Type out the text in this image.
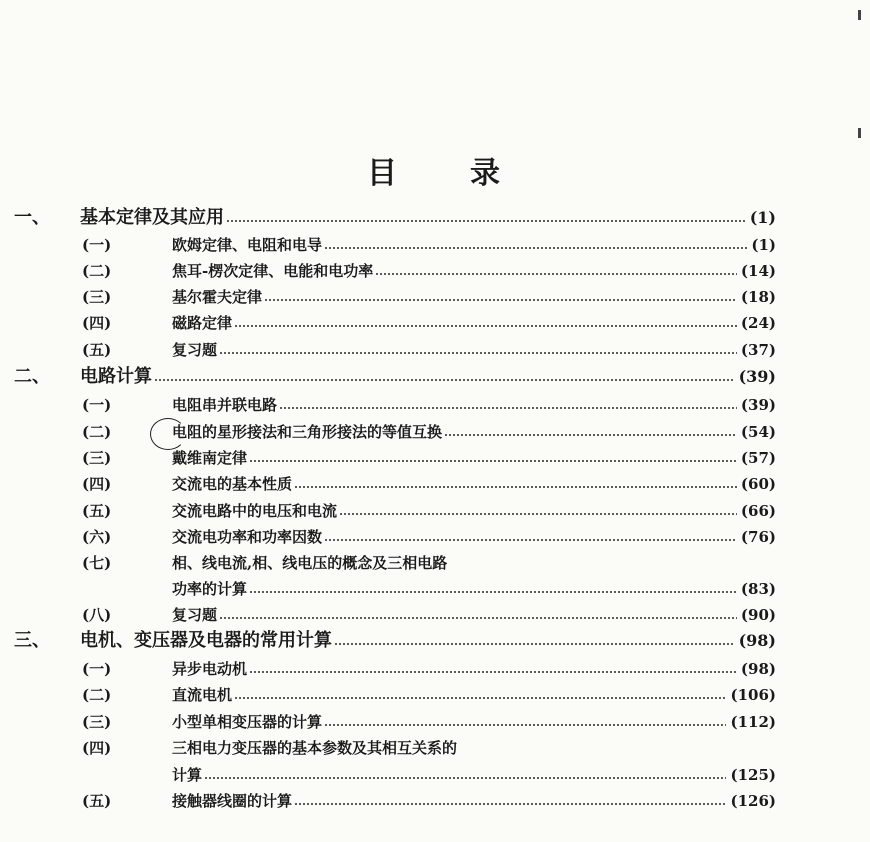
目 录
一、 基本定律及其应用	(1)
(一)	欧姆定律、电阻和电导	(1)
(二)	焦耳-楞次定律、电能和电功率	(14)
(三)	基尔霍夫定律	(18)
(四)	磁路定律	(24)
(五)	复习题	(37)
二、 电路计算	(39)
(一)	电阻串并联电路	(39)
(二)	电阻的星形接法和三角形接法的等值互换	(54)
(三)	戴维南定律	(57)
(四)	交流电的基本性质	(60)
(五)	交流电路中的电压和电流	(66)
(六)	交流电功率和功率因数	(76)
(七)	相、线电流,相、线电压的概念及三相电路
功率的计算	(83)
(八)	复习题	(90)
三、 电机、变压器及电器的常用计算	(98)
(一)	异步电动机	(98)
(二)	直流电机	(106)
(三)	小型单相变压器的计算	(112)
(四)	三相电力变压器的基本参数及其相互关系的
计算	(125)
(五)	接触器线圈的计算	(126)
